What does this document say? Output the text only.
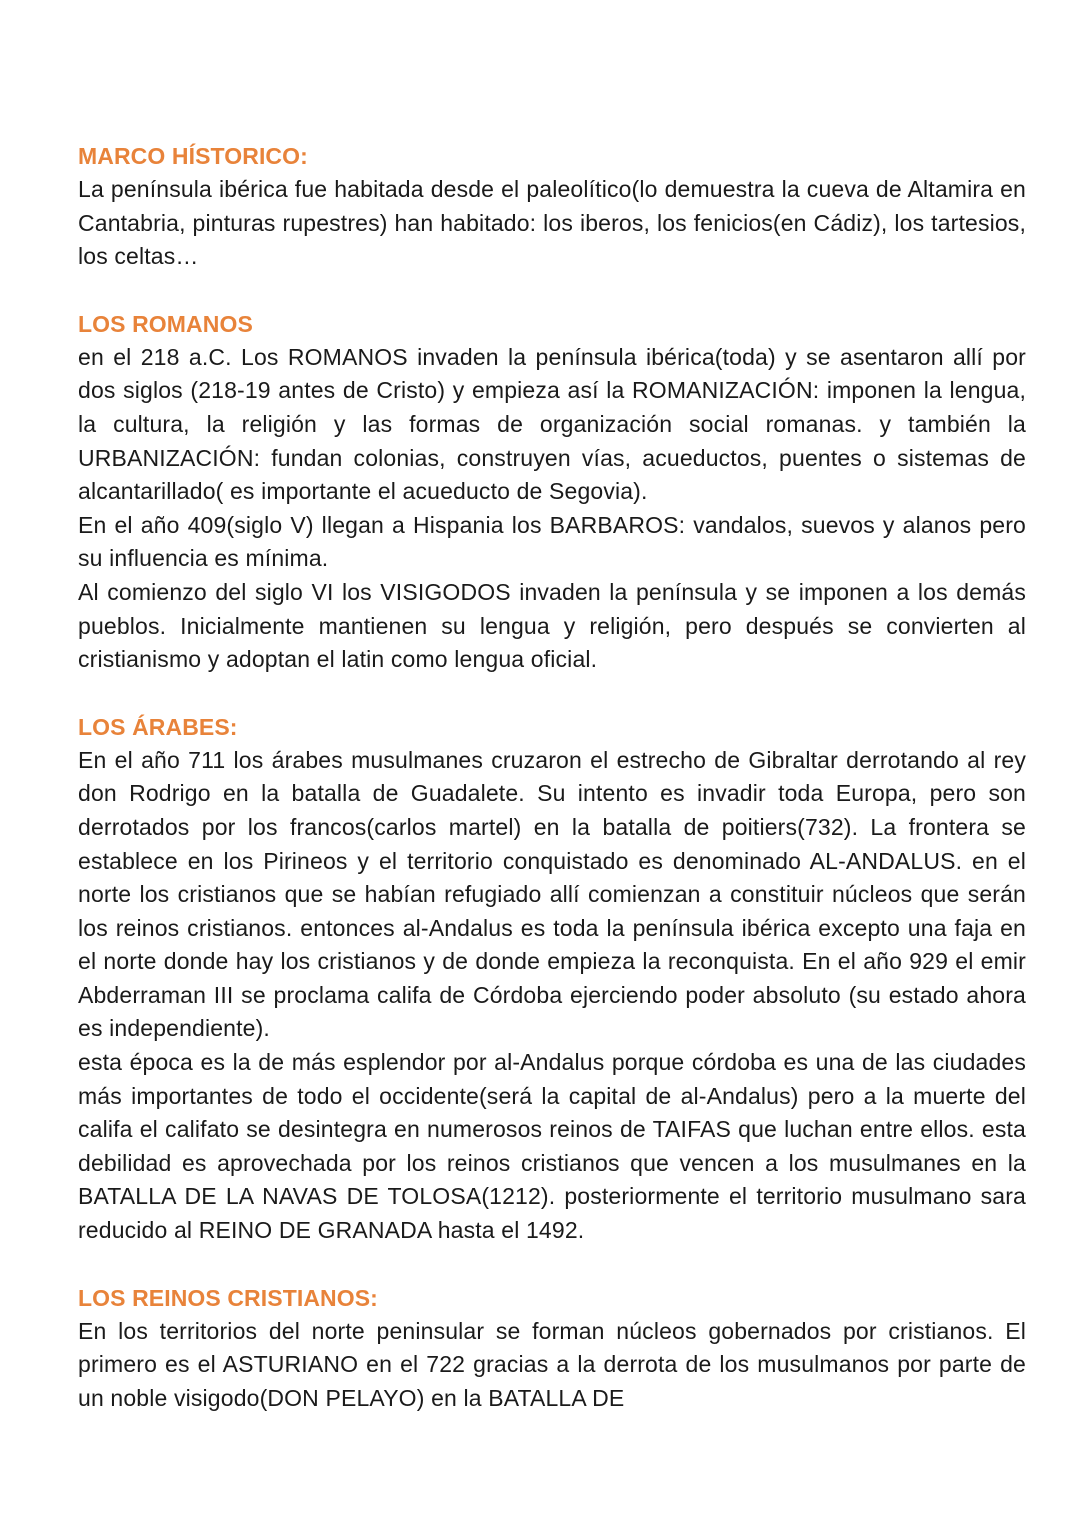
MARCO HÍSTORICO:

La península ibérica fue habitada desde el paleolítico(lo demuestra la cueva de Altamira en Cantabria, pinturas rupestres) han habitado: los iberos, los fenicios(en Cádiz), los tartesios, los celtas…

LOS ROMANOS

en el 218 a.C. Los ROMANOS invaden la península ibérica(toda) y se asentaron allí por dos siglos (218-19 antes de Cristo) y empieza así la ROMANIZACIÓN: imponen la lengua, la cultura, la religión y las formas de organización social romanas. y también la URBANIZACIÓN: fundan colonias, construyen vías, acueductos, puentes o sistemas de alcantarillado( es importante el acueducto de Segovia).

En el año 409(siglo V) llegan a Hispania los BARBAROS: vandalos, suevos y alanos pero su influencia es mínima.

Al comienzo del siglo VI los VISIGODOS invaden la península y se imponen a los demás pueblos. Inicialmente mantienen su lengua y religión, pero después se convierten al cristianismo y adoptan el latin como lengua oficial.

LOS ÁRABES:

En el año 711 los árabes musulmanes cruzaron el estrecho de Gibraltar derrotando al rey don Rodrigo en la batalla de Guadalete. Su intento es invadir toda Europa, pero son derrotados por los francos(carlos martel) en la batalla de poitiers(732). La frontera se establece en los Pirineos y el territorio conquistado es denominado AL-ANDALUS. en el norte los cristianos que se habían refugiado allí comienzan a constituir núcleos que serán los reinos cristianos. entonces al-Andalus es toda la península ibérica excepto una faja en el norte donde hay los cristianos y de donde empieza la reconquista. En el año 929 el emir Abderraman III se proclama califa de Córdoba ejerciendo poder absoluto (su estado ahora es independiente).

esta época es la de más esplendor por al-Andalus porque córdoba es una de las ciudades más importantes de todo el occidente(será la capital de al-Andalus) pero a la muerte del califa el califato se desintegra en numerosos reinos de TAIFAS que luchan entre ellos. esta debilidad es aprovechada por los reinos cristianos que vencen a los musulmanes en la BATALLA DE LA NAVAS DE TOLOSA(1212). posteriormente el territorio musulmano sara reducido al REINO DE GRANADA hasta el 1492.

LOS REINOS CRISTIANOS:

En los territorios del norte peninsular se forman núcleos gobernados por cristianos. El primero es el ASTURIANO en el 722 gracias a la derrota de los musulmanos por parte de un noble visigodo(DON PELAYO) en la BATALLA DE
